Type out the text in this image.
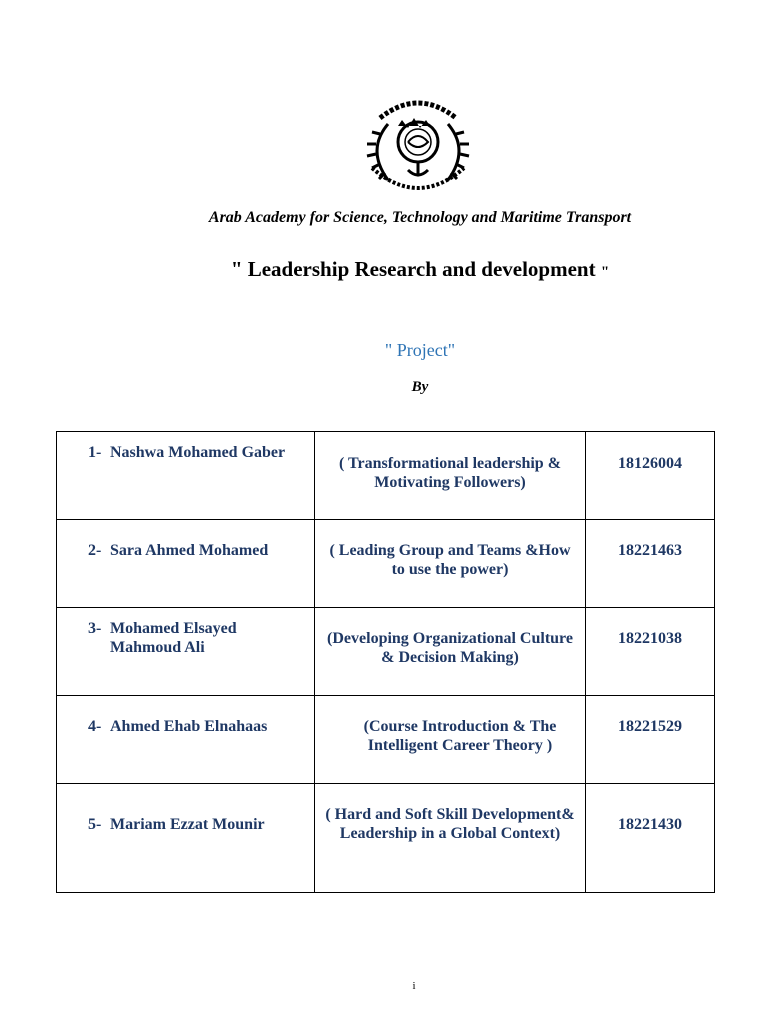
Arab Academy for Science, Technology and Maritime Transport
" Leadership Research and development "
" Project"
By
1- Nashwa Mohamed Gaber	( Transformational leadership & Motivating Followers)	18126004

2- Sara Ahmed Mohamed	( Leading Group and Teams &How to use the power)	18221463

3- Mohamed Elsayed Mahmoud Ali	(Developing Organizational Culture & Decision Making)	18221038

4- Ahmed Ehab Elnahaas	(Course Introduction & The Intelligent Career Theory )	18221529

5- Mariam Ezzat Mounir	( Hard and Soft Skill Development& Leadership in a Global Context)	18221430
i
